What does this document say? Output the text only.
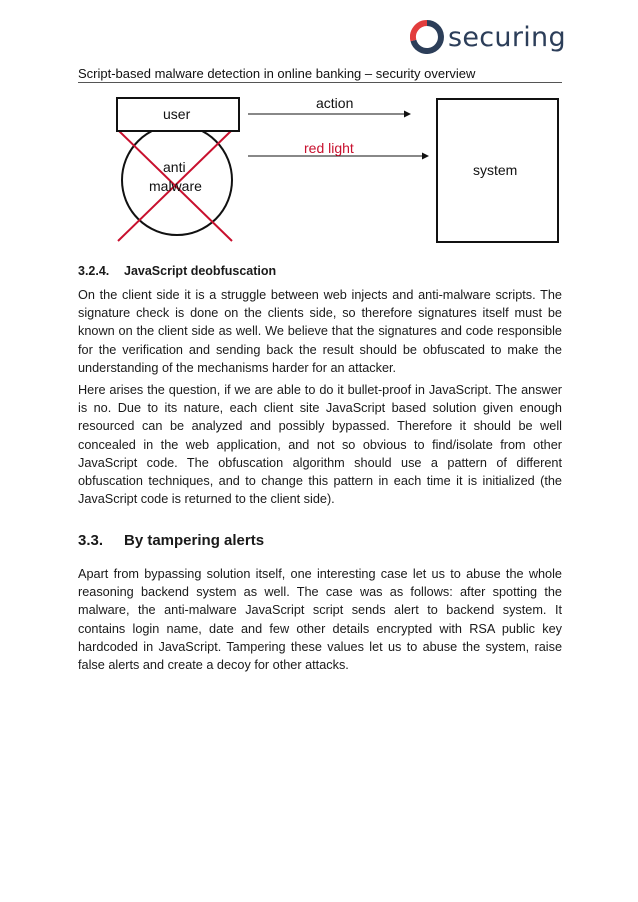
securing
Script-based malware detection in online banking – security overview
user
action
red light
anti
malware
system
3.2.4. JavaScript deobfuscation
On the client side it is a struggle between web injects and anti-malware scripts. The signature check is done on the clients side, so therefore signatures itself must be known on the client side as well. We believe that the signatures and code responsible for the verification and sending back the result should be obfuscated to make the understanding of the mechanisms harder for an attacker.
Here arises the question, if we are able to do it bullet-proof in JavaScript. The answer is no. Due to its nature, each client site JavaScript based solution given enough resourced can be analyzed and possibly bypassed. Therefore it should be well concealed in the web application, and not so obvious to find/isolate from other JavaScript code. The obfuscation algorithm should use a pattern of different obfuscation techniques, and to change this pattern in each time it is initialized (the JavaScript code is returned to the client side).
3.3. By tampering alerts
Apart from bypassing solution itself, one interesting case let us to abuse the whole reasoning backend system as well. The case was as follows: after spotting the malware, the anti-malware JavaScript script sends alert to backend system. It contains login name, date and few other details encrypted with RSA public key hardcoded in JavaScript. Tampering these values let us to abuse the system, raise false alerts and create a decoy for other attacks.
